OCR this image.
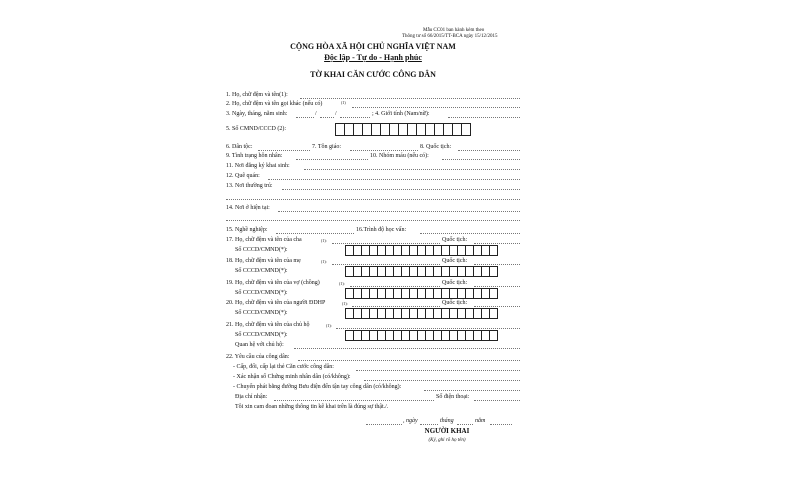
Mẫu CC01 ban hành kèm theo
Thông tư số 66/2015/TT-BCA ngày 15/12/2015
CỘNG HÒA XÃ HỘI CHỦ NGHĨA VIỆT NAM
Độc lập - Tự do - Hạnh phúc
TỜ KHAI CĂN CƯỚC CÔNG DÂN
1. Họ, chữ đệm và tên(1):
2. Họ, chữ đệm và tên gọi khác (nếu có)	(1)
3. Ngày, tháng, năm sinh:	/	/	; 4. Giới tính (Nam/nữ):
5. Số CMND/CCCD (2):
6. Dân tộc:	7. Tôn giáo:	8. Quốc tịch:
9. Tình trạng hôn nhân:	10. Nhóm máu (nếu có):
11. Nơi đăng ký khai sinh:
12. Quê quán:
13. Nơi thường trú:
14. Nơi ở hiện tại:
15. Nghề nghiệp:	16.Trình độ học vấn:
17. Họ, chữ đệm và tên của cha	(1):	Quốc tịch:
Số CCCD/CMND(*):
18. Họ, chữ đệm và tên của mẹ	(1):	Quốc tịch:
Số CCCD/CMND(*):
19. Họ, chữ đệm và tên của vợ (chồng)	(1):	Quốc tịch:
Số CCCD/CMND(*):
20. Họ, chữ đệm và tên của người ĐDHP	(1):	Quốc tịch:
Số CCCD/CMND(*):
21. Họ, chữ đệm và tên của chủ hộ	(1):
Số CCCD/CMND(*):
Quan hệ với chủ hộ:
22. Yêu cầu của công dân:
- Cấp, đổi, cấp lại thẻ Căn cước công dân:
- Xác nhận số Chứng minh nhân dân (có/không):
- Chuyển phát bằng đường Bưu điện đến tận tay công dân (có/không):
Địa chỉ nhận:	Số điện thoại:
Tôi xin cam đoan những thông tin kê khai trên là đúng sự thật./.
, ngày	tháng	năm
NGƯỜI KHAI
(Ký, ghi rõ họ tên)
